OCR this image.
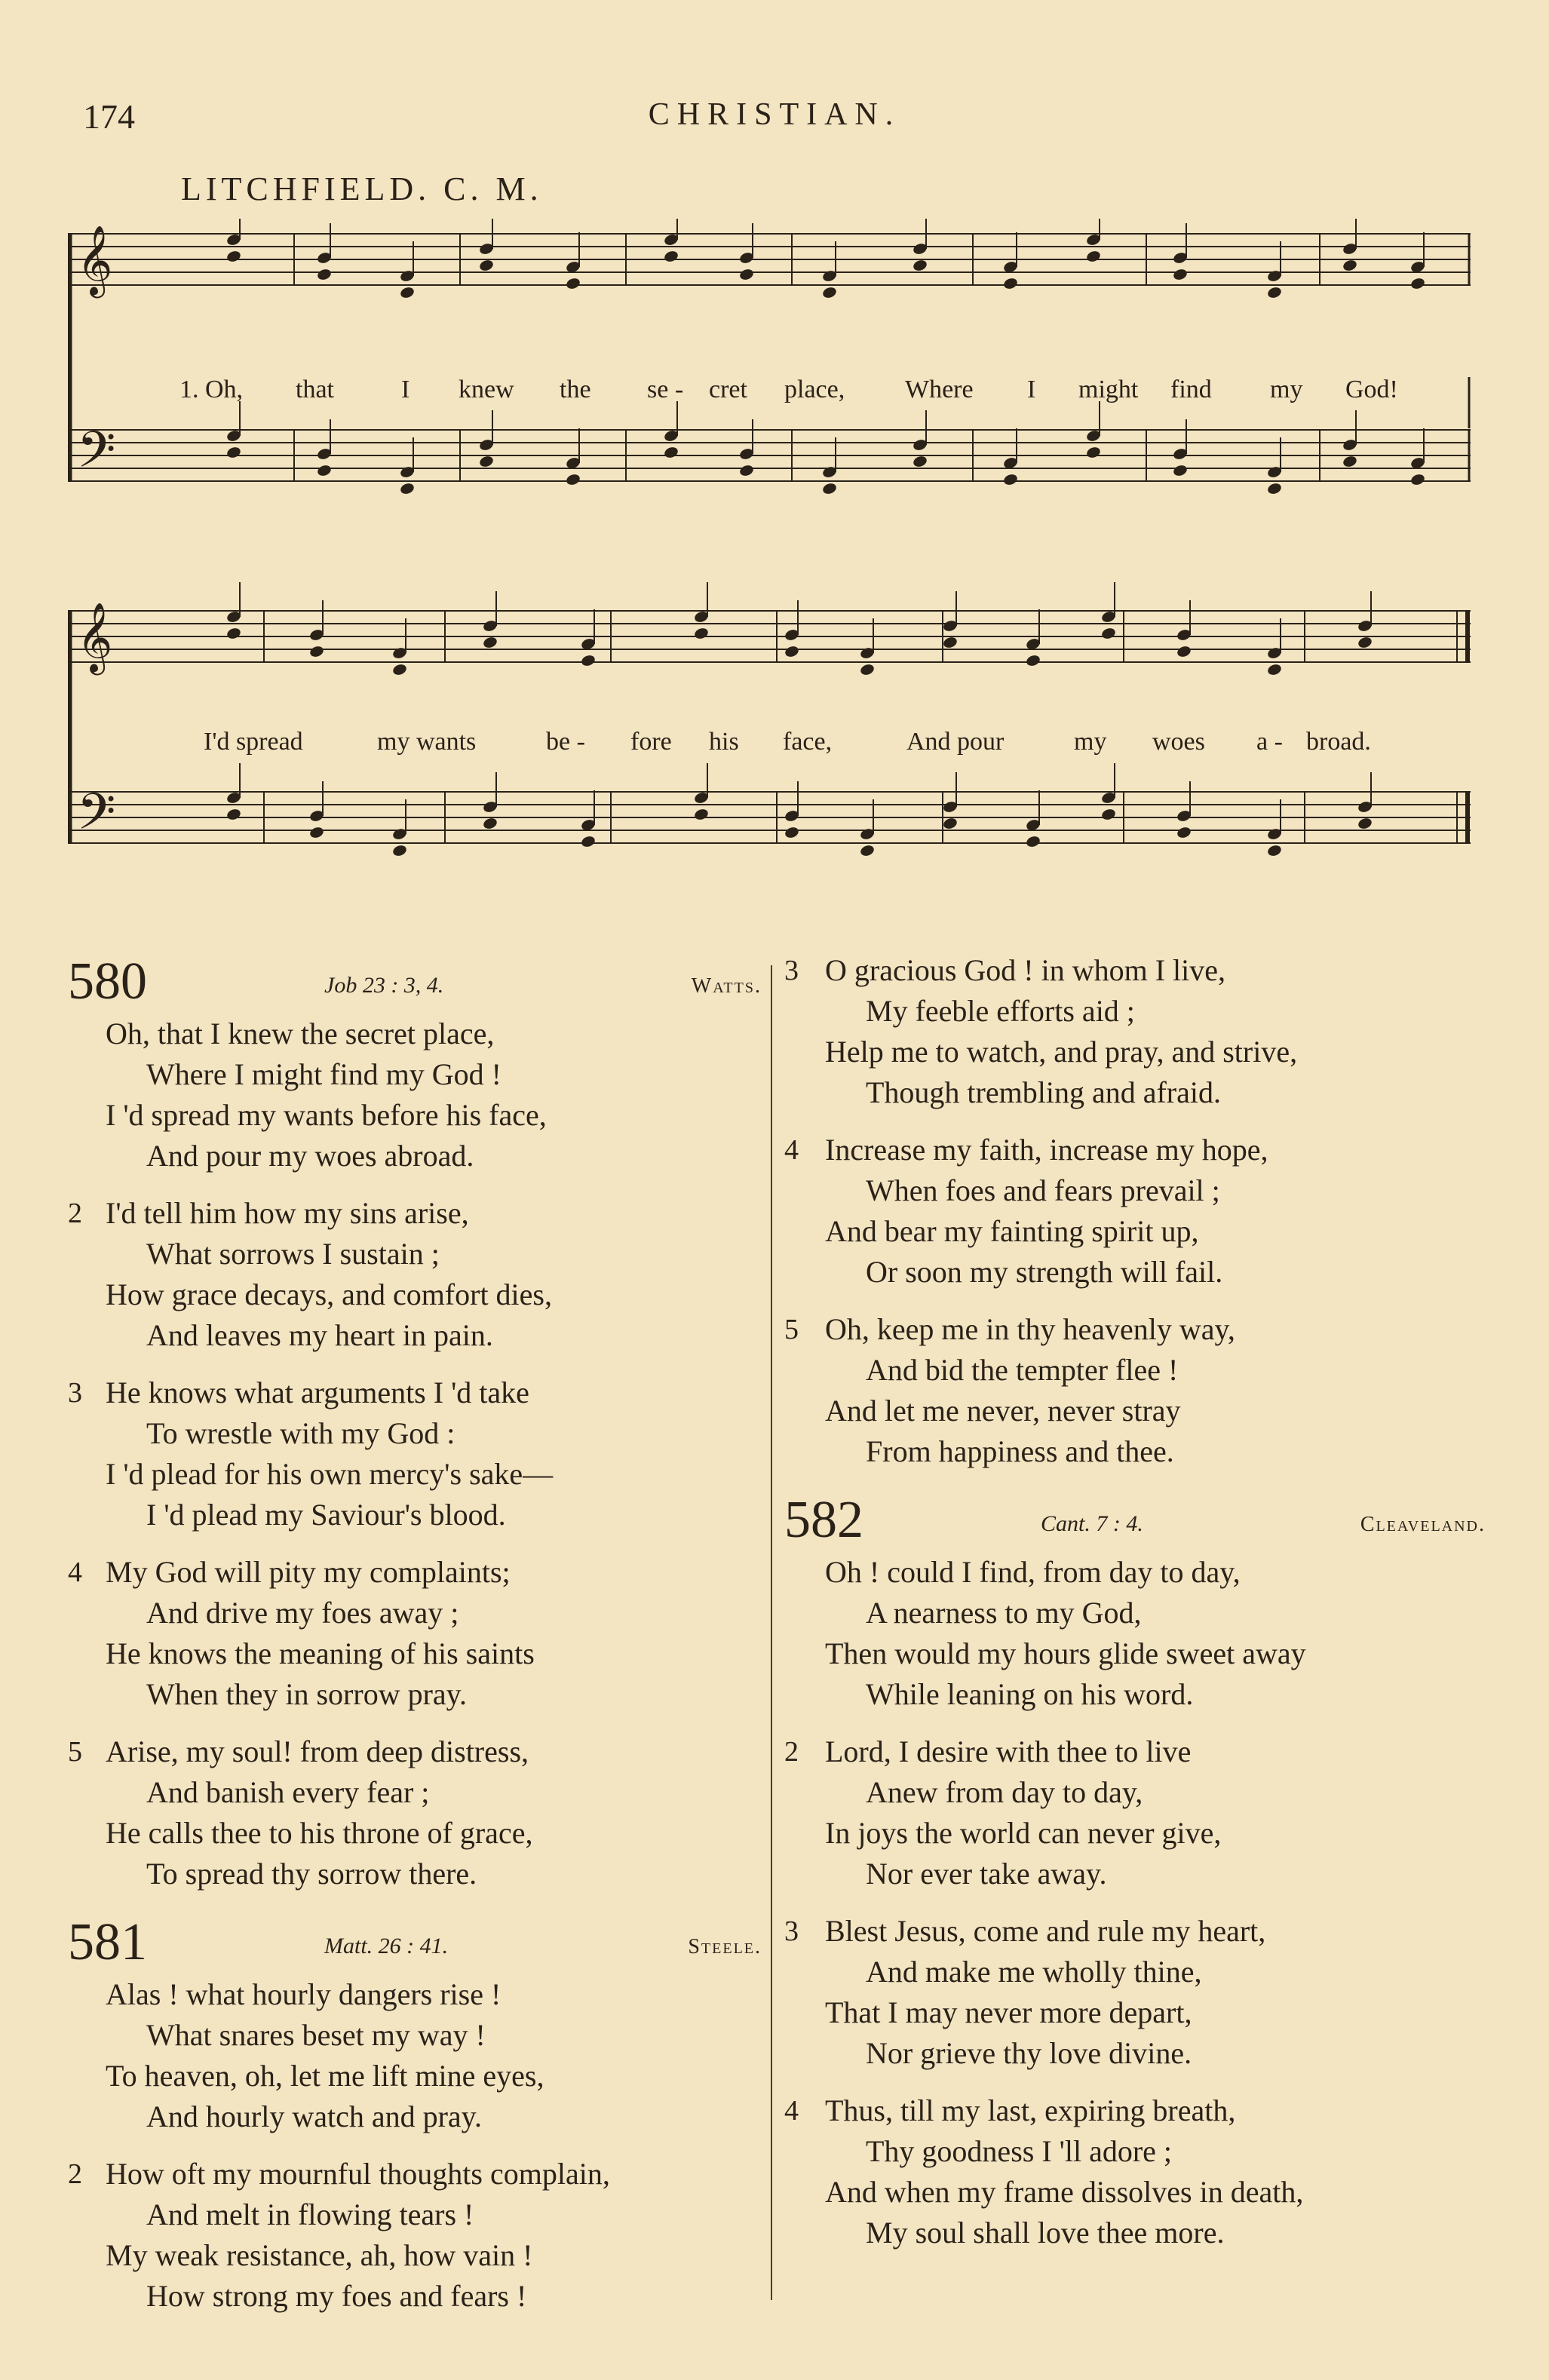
174	CHRISTIAN.
LITCHFIELD. C. M.
𝄞
𝄢
𝄞
𝄢
1. Oh, that	I knew the se - cret place, Where I might find my God!
I'd spread	my wants	be - fore his face,	And pour	my woes a - broad.
580	Job 23 : 3, 4.	Watts.
Oh, that I knew the secret place,
Where I might find my God !
I 'd spread my wants before his face,
And pour my woes abroad.
2 I'd tell him how my sins arise,
What sorrows I sustain ;
How grace decays, and comfort dies,
And leaves my heart in pain.
3 He knows what arguments I 'd take
To wrestle with my God :
I 'd plead for his own mercy's sake—
I 'd plead my Saviour's blood.
4 My God will pity my complaints;
And drive my foes away ;
He knows the meaning of his saints
When they in sorrow pray.
5 Arise, my soul! from deep distress,
And banish every fear ;
He calls thee to his throne of grace,
To spread thy sorrow there.
581	Matt. 26 : 41.	Steele.
Alas ! what hourly dangers rise !
What snares beset my way !
To heaven, oh, let me lift mine eyes,
And hourly watch and pray.
2 How oft my mournful thoughts complain,
And melt in flowing tears !
My weak resistance, ah, how vain !
How strong my foes and fears !
3 O gracious God ! in whom I live,
My feeble efforts aid ;
Help me to watch, and pray, and strive,
Though trembling and afraid.
4 Increase my faith, increase my hope,
When foes and fears prevail ;
And bear my fainting spirit up,
Or soon my strength will fail.
5 Oh, keep me in thy heavenly way,
And bid the tempter flee !
And let me never, never stray
From happiness and thee.
582	Cant. 7 : 4.	Cleaveland.
Oh ! could I find, from day to day,
A nearness to my God,
Then would my hours glide sweet away
While leaning on his word.
2 Lord, I desire with thee to live
Anew from day to day,
In joys the world can never give,
Nor ever take away.
3 Blest Jesus, come and rule my heart,
And make me wholly thine,
That I may never more depart,
Nor grieve thy love divine.
4 Thus, till my last, expiring breath,
Thy goodness I 'll adore ;
And when my frame dissolves in death,
My soul shall love thee more.
